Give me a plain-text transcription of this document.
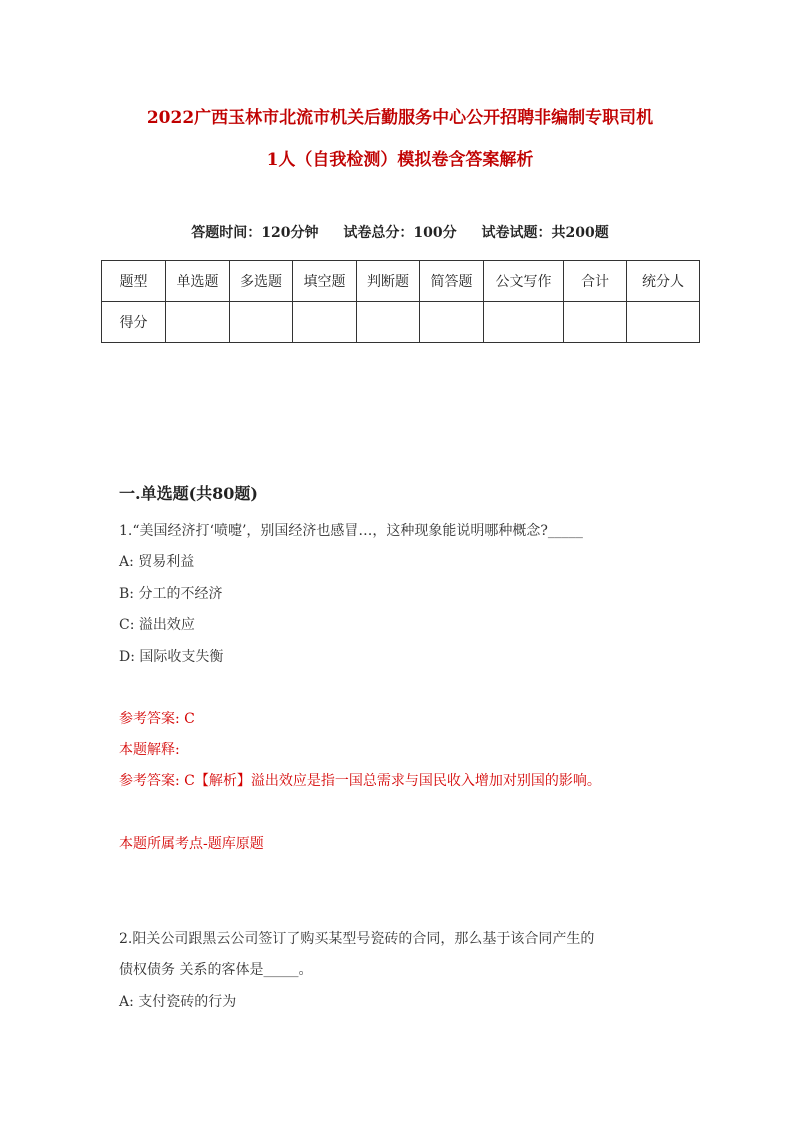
2022广西玉林市北流市机关后勤服务中心公开招聘非编制专职司机
1人（自我检测）模拟卷含答案解析
答题时间：120分钟 试卷总分：100分 试卷试题：共200题
题型	单选题	多选题	填空题	判断题	简答题	公文写作	合计	统分人
得分								
一.单选题(共80题)
1.“美国经济打‘喷嚏’，别国经济也感冒…，这种现象能说明哪种概念?_____
A: 贸易利益
B: 分工的不经济
C: 溢出效应
D: 国际收支失衡
参考答案: C
本题解释:
参考答案: C【解析】溢出效应是指一国总需求与国民收入增加对别国的影响。
本题所属考点-题库原题
2.阳关公司跟黑云公司签订了购买某型号瓷砖的合同，那么基于该合同产生的
债权债务 关系的客体是_____。
A: 支付瓷砖的行为
